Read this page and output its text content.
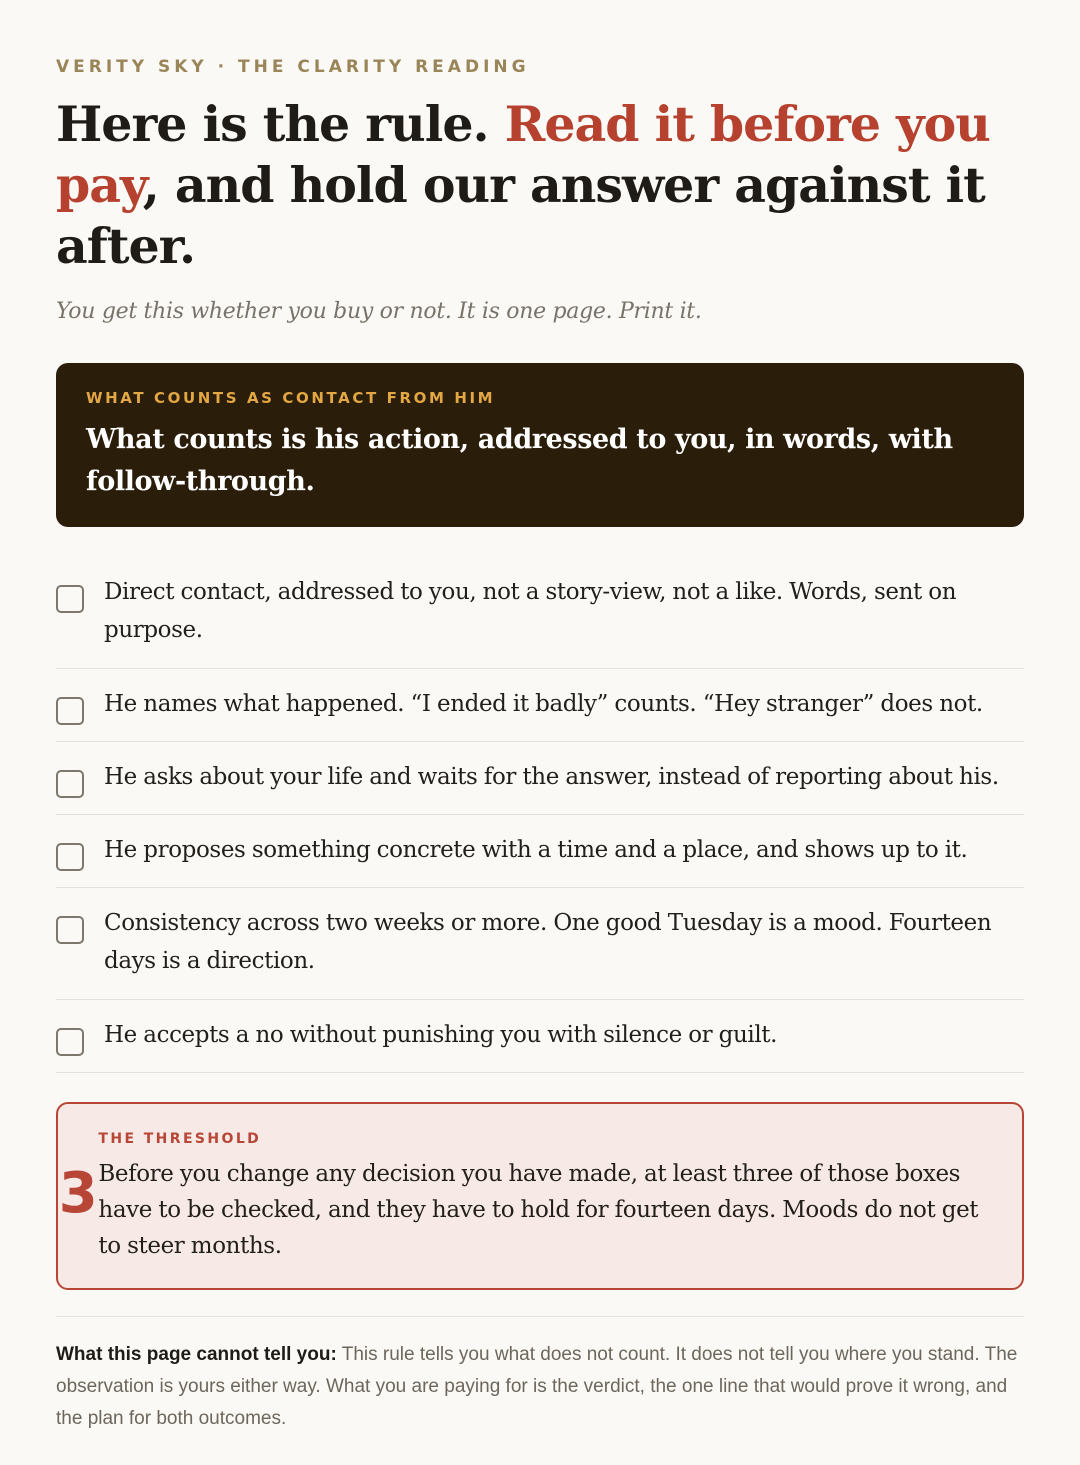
VERITY SKY · THE CLARITY READING

Here is the rule. Read it before you pay, and hold our answer against it after.

You get this whether you buy or not. It is one page. Print it.

WHAT COUNTS AS CONTACT FROM HIM
What counts is his action, addressed to you, in words, with follow-through.
Direct contact, addressed to you, not a story-view, not a like. Words, sent on purpose.
He names what happened. “I ended it badly” counts. “Hey stranger” does not.
He asks about your life and waits for the answer, instead of reporting about his.
He proposes something concrete with a time and a place, and shows up to it.
Consistency across two weeks or more. One good Tuesday is a mood. Fourteen days is a direction.
He accepts a no without punishing you with silence or guilt.
3
THE THRESHOLD
Before you change any decision you have made, at least three of those boxes have to be checked, and they have to hold for fourteen days. Moods do not get to steer months.

What this page cannot tell you: This rule tells you what does not count. It does not tell you where you stand. The observation is yours either way. What you are paying for is the verdict, the one line that would prove it wrong, and the plan for both outcomes.
